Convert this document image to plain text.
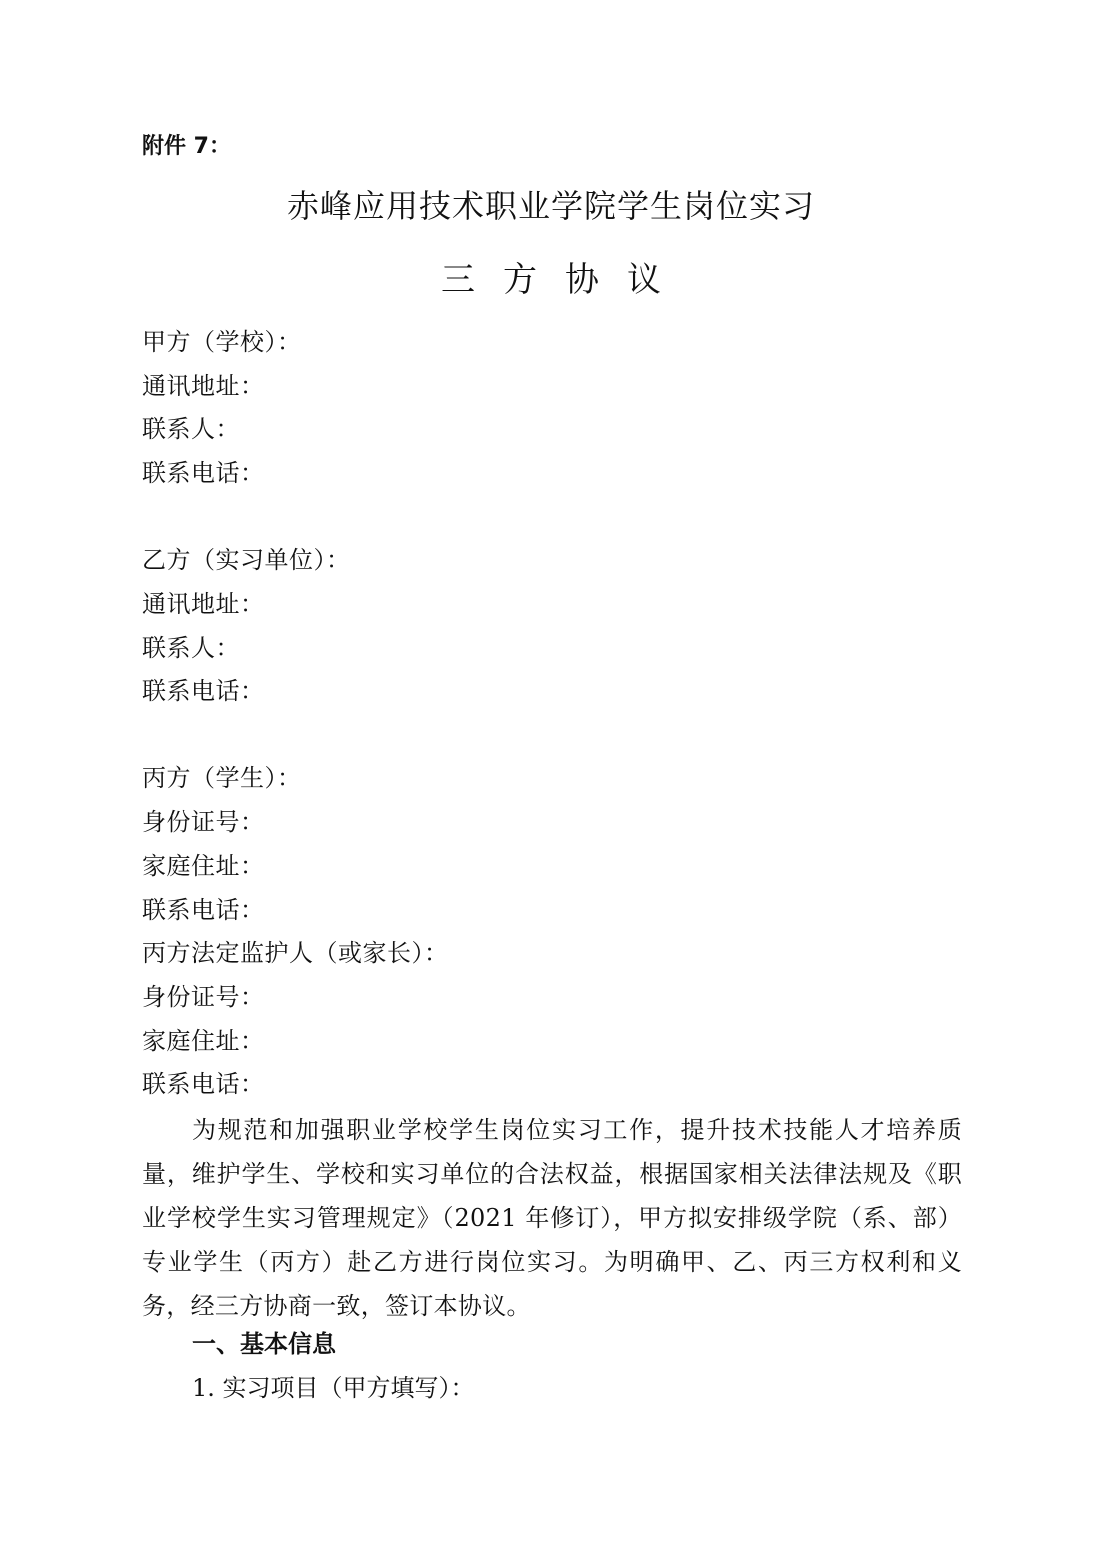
附件 7：
赤峰应用技术职业学院学生岗位实习
三方协议
甲方（学校）：
通讯地址：
联系人：
联系电话：
乙方（实习单位）：
通讯地址：
联系人：
联系电话：
丙方（学生）：
身份证号：
家庭住址：
联系电话：
丙方法定监护人（或家长）：
身份证号：
家庭住址：
联系电话：
为规范和加强职业学校学生岗位实习工作，提升技术技能人才培养质量，维护学生、学校和实习单位的合法权益，根据国家相关法律法规及《职业学校学生实习管理规定》（2021 年修订），甲方拟安排级学院（系、部）专业学生（丙方）赴乙方进行岗位实习。为明确甲、乙、丙三方权利和义务，经三方协商一致，签订本协议。
一、基本信息
1. 实习项目（甲方填写）：
